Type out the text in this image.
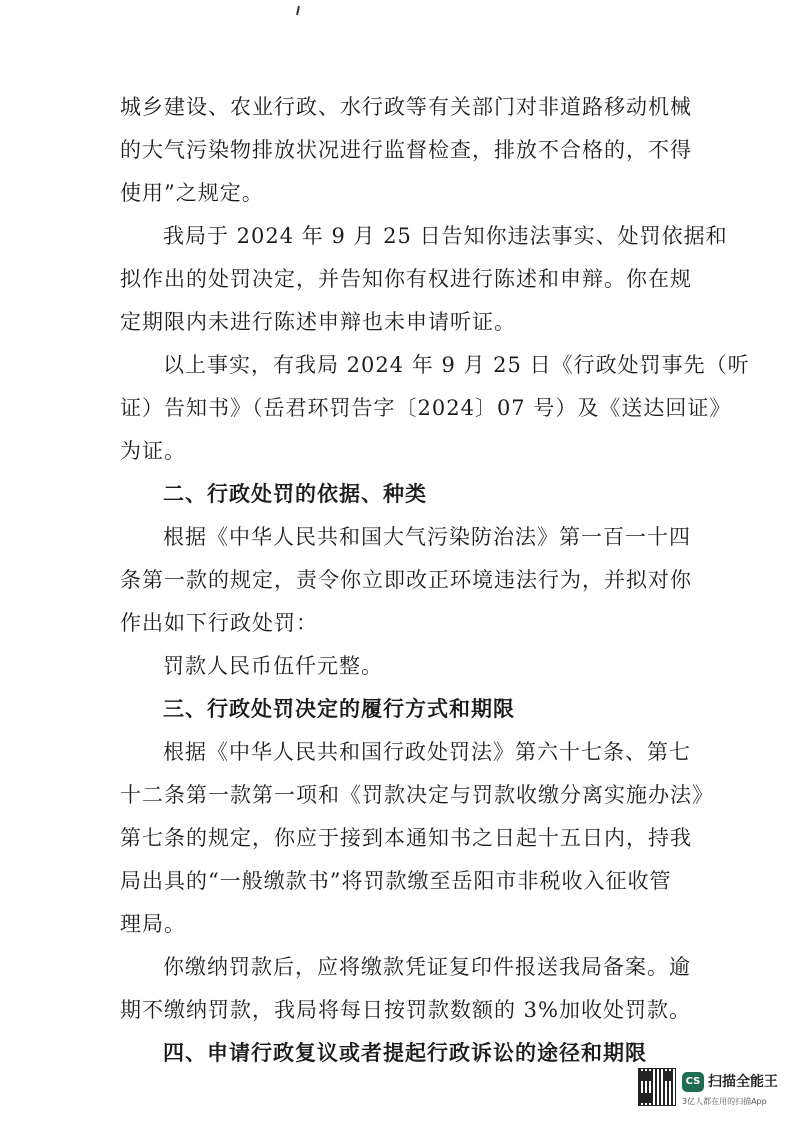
城乡建设、农业行政、水行政等有关部门对非道路移动机械
的大气污染物排放状况进行监督检查，排放不合格的，不得
使用”之规定。
我局于 2024 年 9 月 25 日告知你违法事实、处罚依据和
拟作出的处罚决定，并告知你有权进行陈述和申辩。你在规
定期限内未进行陈述申辩也未申请听证。
以上事实，有我局 2024 年 9 月 25 日《行政处罚事先（听
证）告知书》（岳君环罚告字〔2024〕07 号）及《送达回证》
为证。
二、行政处罚的依据、种类
根据《中华人民共和国大气污染防治法》第一百一十四
条第一款的规定，责令你立即改正环境违法行为，并拟对你
作出如下行政处罚：
罚款人民币伍仟元整。
三、行政处罚决定的履行方式和期限
根据《中华人民共和国行政处罚法》第六十七条、第七
十二条第一款第一项和《罚款决定与罚款收缴分离实施办法》
第七条的规定，你应于接到本通知书之日起十五日内，持我
局出具的“一般缴款书”将罚款缴至岳阳市非税收入征收管
理局。
你缴纳罚款后，应将缴款凭证复印件报送我局备案。逾
期不缴纳罚款，我局将每日按罚款数额的 3%加收处罚款。
四、申请行政复议或者提起行政诉讼的途径和期限
CS 扫描全能王
3亿人都在用的扫描App
